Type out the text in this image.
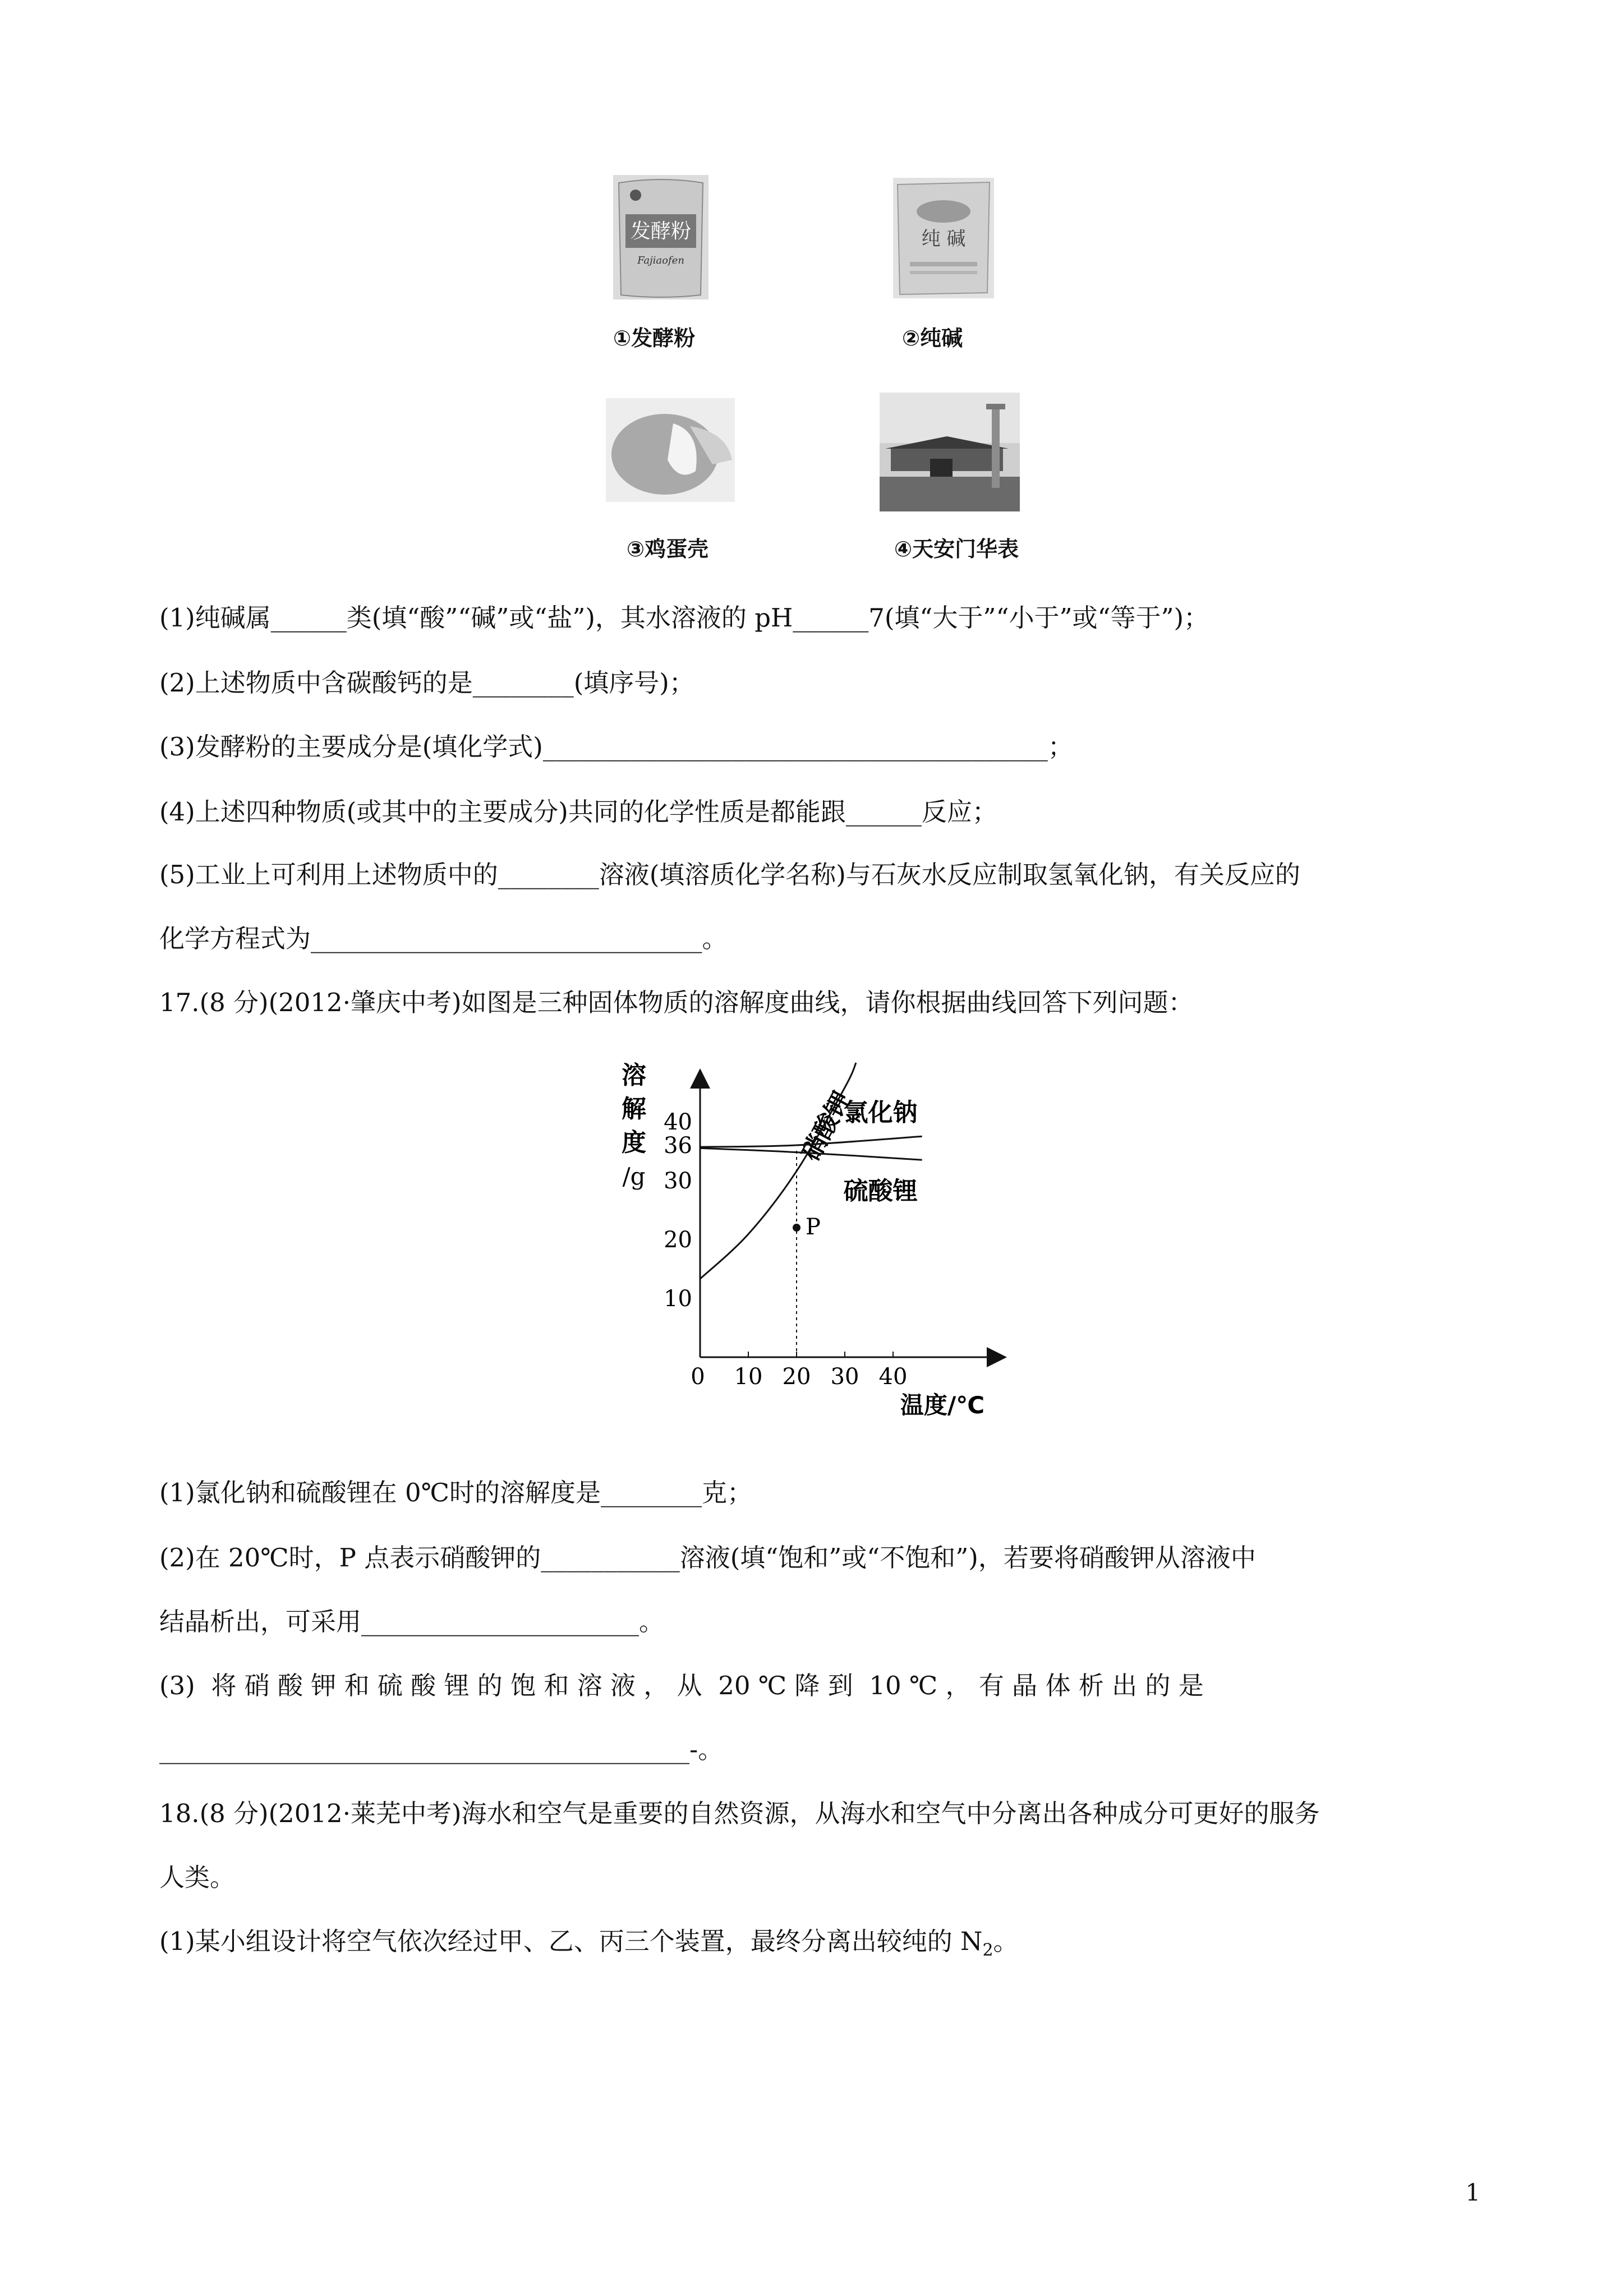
发酵粉
Fajiaofen
①发酵粉
纯 碱
②纯碱
③鸡蛋壳	④天安门华表
(1)纯碱属______类(填“酸”“碱”或“盐”)，其水溶液的 pH______7(填“大于”“小于”或“等于”)；
(2)上述物质中含碳酸钙的是________(填序号)；
(3)发酵粉的主要成分是(填化学式)________________________________________；
(4)上述四种物质(或其中的主要成分)共同的化学性质是都能跟______反应；
(5)工业上可利用上述物质中的________溶液(填溶质化学名称)与石灰水反应制取氢氧化钠，有关反应的
化学方程式为_______________________________。
17.(8 分)(2012·肇庆中考)如图是三种固体物质的溶解度曲线，请你根据曲线回答下列问题：
溶
解
度
/g
0 10 20 30 40
10
20
30
36
40	硝酸钾
氯化钠
硫酸锂
P
温度/℃
(1)氯化钠和硫酸锂在 0℃时的溶解度是________克；
(2)在 20℃时，P 点表示硝酸钾的___________溶液(填“饱和”或“不饱和”)，若要将硝酸钾从溶液中
结晶析出，可采用______________________。
(3)  将 硝 酸 钾 和 硫 酸 锂 的 饱 和 溶 液 ， 从  20 ℃ 降 到  10 ℃ ， 有 晶 体 析 出 的 是
__________________________________________-。
18.(8 分)(2012·莱芜中考)海水和空气是重要的自然资源，从海水和空气中分离出各种成分可更好的服务
人类。
(1)某小组设计将空气依次经过甲、乙、丙三个装置，最终分离出较纯的 $N_2$。
1
